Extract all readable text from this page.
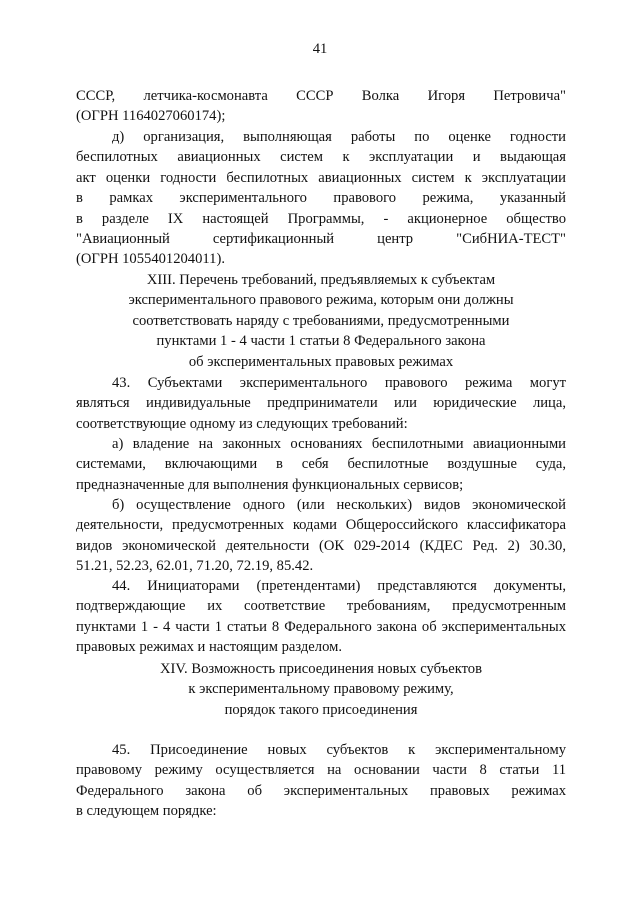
41
СССР, летчика-космонавта СССР Волка Игоря Петровича"
(ОГРН 1164027060174);
д) организация, выполняющая работы по оценке годности
беспилотных авиационных систем к эксплуатации и выдающая
акт оценки годности беспилотных авиационных систем к эксплуатации
в рамках экспериментального правового режима, указанный
в разделе IX настоящей Программы, - акционерное общество
"Авиационный сертификационный центр "СибНИА-ТЕСТ"
(ОГРН 1055401204011).
XIII. Перечень требований, предъявляемых к субъектам
экспериментального правового режима, которым они должны
соответствовать наряду с требованиями, предусмотренными
пунктами 1 - 4 части 1 статьи 8 Федерального закона
об экспериментальных правовых режимах
43. Субъектами экспериментального правового режима могут
являться индивидуальные предприниматели или юридические лица,
соответствующие одному из следующих требований:
а) владение на законных основаниях беспилотными авиационными
системами, включающими в себя беспилотные воздушные суда,
предназначенные для выполнения функциональных сервисов;
б) осуществление одного (или нескольких) видов экономической
деятельности, предусмотренных кодами Общероссийского классификатора
видов экономической деятельности (ОК 029-2014 (КДЕС Ред. 2) 30.30,
51.21, 52.23, 62.01, 71.20, 72.19, 85.42.
44. Инициаторами (претендентами) представляются документы,
подтверждающие их соответствие требованиям, предусмотренным
пунктами 1 - 4 части 1 статьи 8 Федерального закона об экспериментальных
правовых режимах и настоящим разделом.
XIV. Возможность присоединения новых субъектов
к экспериментальному правовому режиму,
порядок такого присоединения
45. Присоединение новых субъектов к экспериментальному
правовому режиму осуществляется на основании части 8 статьи 11
Федерального закона об экспериментальных правовых режимах
в следующем порядке:
